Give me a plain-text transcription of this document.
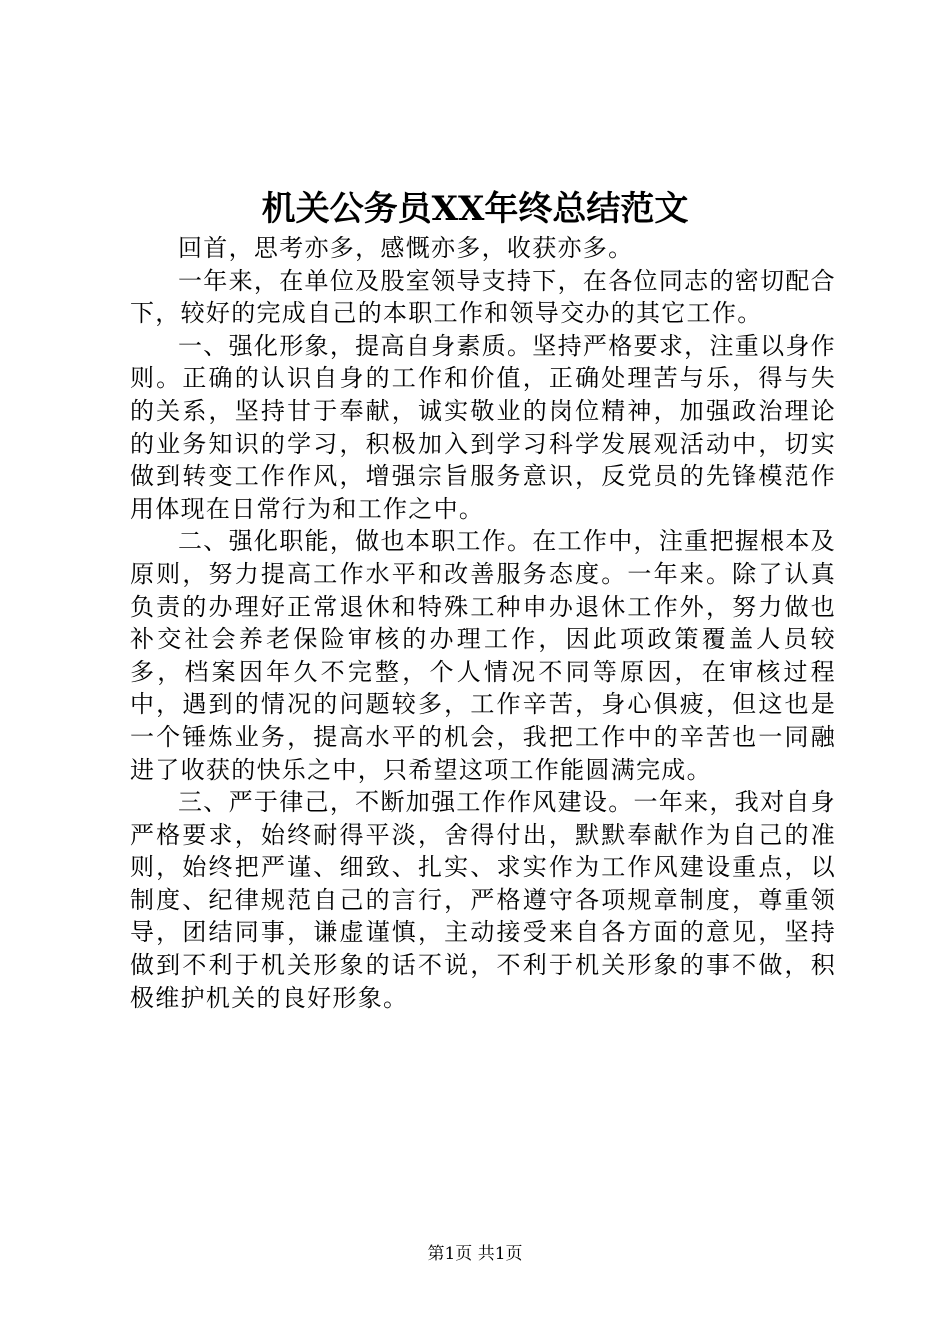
机关公务员XX年终总结范文

回首，思考亦多，感慨亦多，收获亦多。

一年来，在单位及股室领导支持下，在各位同志的密切配合下，较好的完成自己的本职工作和领导交办的其它工作。

一、强化形象，提高自身素质。坚持严格要求，注重以身作则。正确的认识自身的工作和价值，正确处理苦与乐，得与失的关系，坚持甘于奉献，诚实敬业的岗位精神，加强政治理论的业务知识的学习，积极加入到学习科学发展观活动中，切实做到转变工作作风，增强宗旨服务意识，反党员的先锋模范作用体现在日常行为和工作之中。

二、强化职能，做也本职工作。在工作中，注重把握根本及原则，努力提高工作水平和改善服务态度。一年来。除了认真负责的办理好正常退休和特殊工种申办退休工作外，努力做也补交社会养老保险审核的办理工作，因此项政策覆盖人员较多，档案因年久不完整，个人情况不同等原因，在审核过程中，遇到的情况的问题较多，工作辛苦，身心俱疲，但这也是一个锤炼业务，提高水平的机会，我把工作中的辛苦也一同融进了收获的快乐之中，只希望这项工作能圆满完成。

三、严于律己，不断加强工作作风建设。一年来，我对自身严格要求，始终耐得平淡，舍得付出，默默奉献作为自己的准则，始终把严谨、细致、扎实、求实作为工作风建设重点，以制度、纪律规范自己的言行，严格遵守各项规章制度，尊重领导，团结同事，谦虚谨慎，主动接受来自各方面的意见，坚持做到不利于机关形象的话不说，不利于机关形象的事不做，积极维护机关的良好形象。

第1页 共1页
